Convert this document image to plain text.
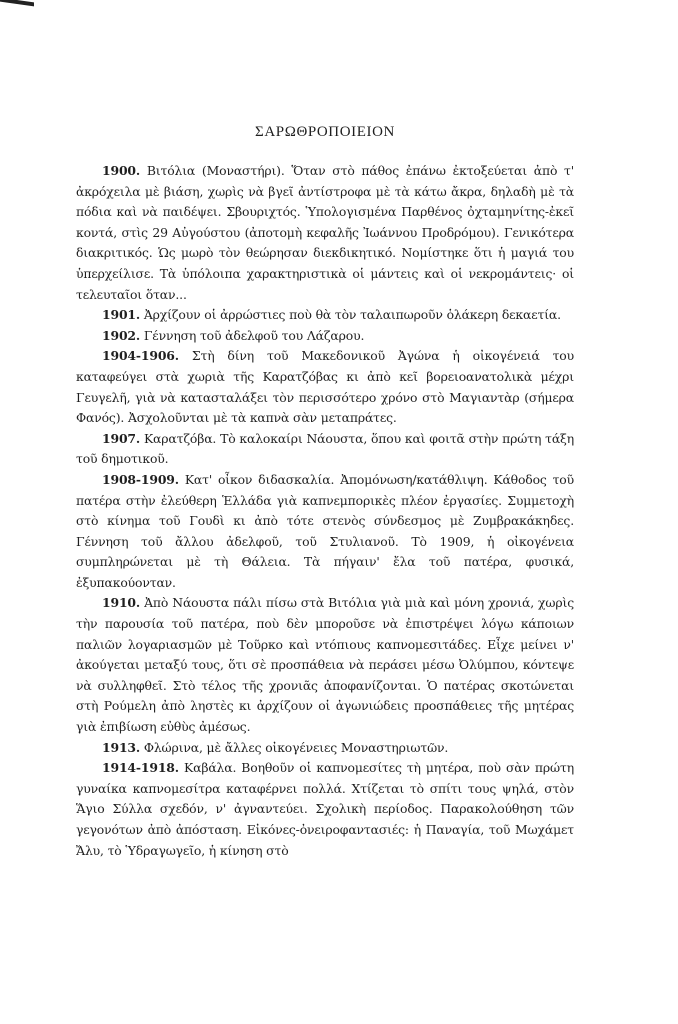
ΣΑΡΩΘΡΟΠΟΙΕΙΟΝ

1900. Βιτόλια (Μοναστήρι). Ὅταν στὸ πάθος ἐπάνω ἐκτοξεύεται ἀπὸ τ' ἀκρόχειλα μὲ βιάση, χωρὶς νὰ βγεῖ ἀντίστροφα μὲ τὰ κάτω ἄκρα, δηλαδὴ μὲ τὰ πόδια καὶ νὰ παιδέψει. Σβουριχτός. Ὑπολογισμένα Παρθένος ὀχταμηνίτης-ἐκεῖ κοντά, στὶς 29 Αὐγούστου (ἀποτομὴ κεφαλῆς Ἰωάννου Προδρόμου). Γενικότερα διακριτικός. Ὡς μωρὸ τὸν θεώρησαν διεκδικητικό. Νομίστηκε ὅτι ἡ μαγιά του ὑπερχείλισε. Τὰ ὑπόλοιπα χαρακτηριστικὰ οἱ μάντεις καὶ οἱ νεκρομάντεις· οἱ τελευταῖοι ὅταν...

1901. Ἀρχίζουν οἱ ἀρρώστιες ποὺ θὰ τὸν ταλαιπωροῦν ὁλάκερη δεκαετία.

1902. Γέννηση τοῦ ἀδελφοῦ του Λάζαρου.

1904-1906. Στὴ δίνη τοῦ Μακεδονικοῦ Ἀγώνα ἡ οἰκογένειά του καταφεύγει στὰ χωριὰ τῆς Καρατζόβας κι ἀπὸ κεῖ βορειοανατολικὰ μέχρι Γευγελῆ, γιὰ νὰ κατασταλάξει τὸν περισσότερο χρόνο στὸ Μαγιαντὰρ (σήμερα Φανός). Ἀσχολοῦνται μὲ τὰ καπνὰ σὰν μεταπράτες.

1907. Καρατζόβα. Τὸ καλοκαίρι Νάουστα, ὅπου καὶ φοιτᾶ στὴν πρώτη τάξη τοῦ δημοτικοῦ.

1908-1909. Κατ' οἶκον διδασκαλία. Ἀπομόνωση/κατάθλιψη. Κάθοδος τοῦ πατέρα στὴν ἐλεύθερη Ἑλλάδα γιὰ καπνεμπορικὲς πλέον ἐργασίες. Συμμετοχὴ στὸ κίνημα τοῦ Γουδὶ κι ἀπὸ τότε στενὸς σύνδεσμος μὲ Ζυμβρακάκηδες. Γέννηση τοῦ ἄλλου ἀδελφοῦ, τοῦ Στυλιανοῦ. Τὸ 1909, ἡ οἰκογένεια συμπληρώνεται μὲ τὴ Θάλεια. Τὰ πήγαιν' ἔλα τοῦ πατέρα, φυσικά, ἐξυπακούονταν.

1910. Ἀπὸ Νάουστα πάλι πίσω στὰ Βιτόλια γιὰ μιὰ καὶ μόνη χρονιά, χωρὶς τὴν παρουσία τοῦ πατέρα, ποὺ δὲν μποροῦσε νὰ ἐπιστρέψει λόγω κάποιων παλιῶν λογαριασμῶν μὲ Τοῦρκο καὶ ντόπιους καπνομεσιτάδες. Εἶχε μείνει ν' ἀκούγεται μεταξύ τους, ὅτι σὲ προσπάθεια νὰ περάσει μέσω Ὀλύμπου, κόντεψε νὰ συλληφθεῖ. Στὸ τέλος τῆς χρονιᾶς ἀποφανίζονται. Ὁ πατέρας σκοτώνεται στὴ Ρούμελη ἀπὸ ληστὲς κι ἀρχίζουν οἱ ἀγωνιώδεις προσπάθειες τῆς μητέρας γιὰ ἐπιβίωση εὐθὺς ἀμέσως.

1913. Φλώρινα, μὲ ἄλλες οἰκογένειες Μοναστηριωτῶν.

1914-1918. Καβάλα. Βοηθοῦν οἱ καπνομεσίτες τὴ μητέρα, ποὺ σὰν πρώτη γυναίκα καπνομεσίτρα καταφέρνει πολλά. Χτίζεται τὸ σπίτι τους ψηλά, στὸν Ἅγιο Σύλλα σχεδόν, ν' ἀγναντεύει. Σχολικὴ περίοδος. Παρακολούθηση τῶν γεγονότων ἀπὸ ἀπόσταση. Εἰκόνες-ὀνειροφαντασιές: ἡ Παναγία, τοῦ Μωχάμετ Ἄλυ, τὸ Ὑδραγωγεῖο, ἡ κίνηση στὸ
